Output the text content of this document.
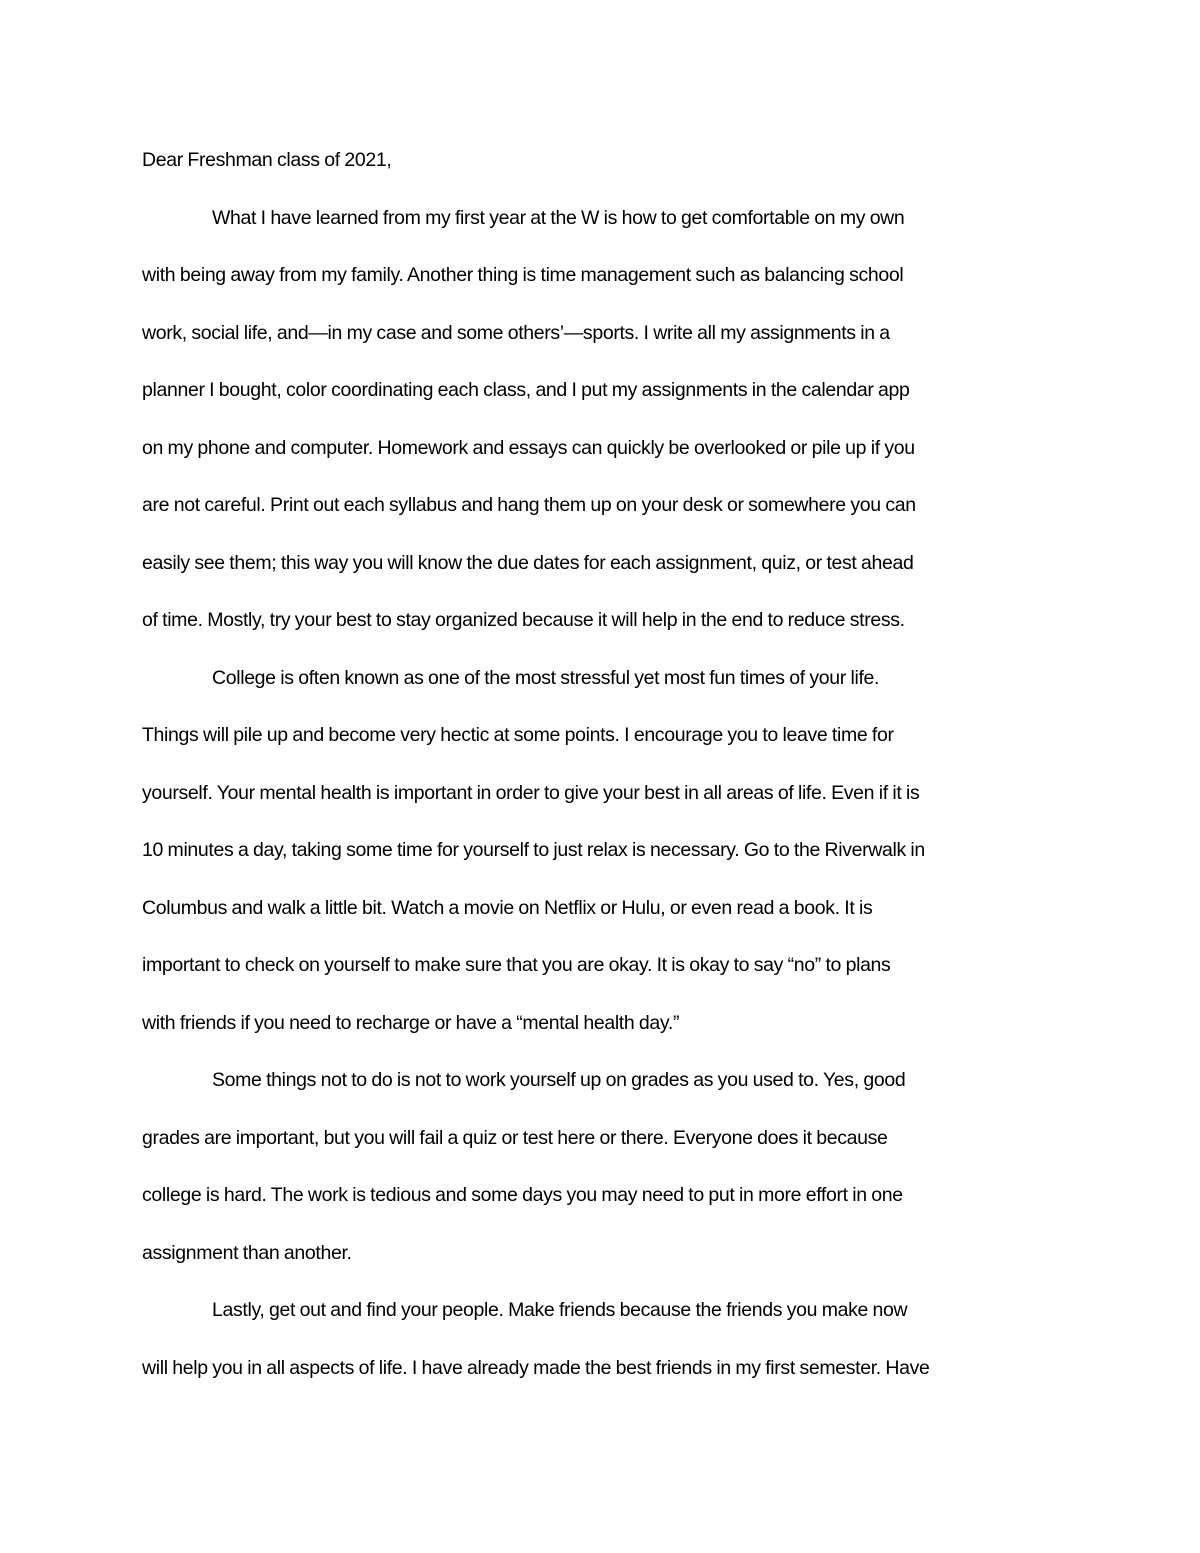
Dear Freshman class of 2021,
What I have learned from my first year at the W is how to get comfortable on my own
with being away from my family. Another thing is time management such as balancing school
work, social life, and—in my case and some others’—sports. I write all my assignments in a
planner I bought, color coordinating each class, and I put my assignments in the calendar app
on my phone and computer. Homework and essays can quickly be overlooked or pile up if you
are not careful. Print out each syllabus and hang them up on your desk or somewhere you can
easily see them; this way you will know the due dates for each assignment, quiz, or test ahead
of time. Mostly, try your best to stay organized because it will help in the end to reduce stress.
College is often known as one of the most stressful yet most fun times of your life.
Things will pile up and become very hectic at some points. I encourage you to leave time for
yourself. Your mental health is important in order to give your best in all areas of life. Even if it is
10 minutes a day, taking some time for yourself to just relax is necessary. Go to the Riverwalk in
Columbus and walk a little bit. Watch a movie on Netflix or Hulu, or even read a book. It is
important to check on yourself to make sure that you are okay. It is okay to say “no” to plans
with friends if you need to recharge or have a “mental health day.”
Some things not to do is not to work yourself up on grades as you used to. Yes, good
grades are important, but you will fail a quiz or test here or there. Everyone does it because
college is hard. The work is tedious and some days you may need to put in more effort in one
assignment than another.
Lastly, get out and find your people. Make friends because the friends you make now
will help you in all aspects of life. I have already made the best friends in my first semester. Have
